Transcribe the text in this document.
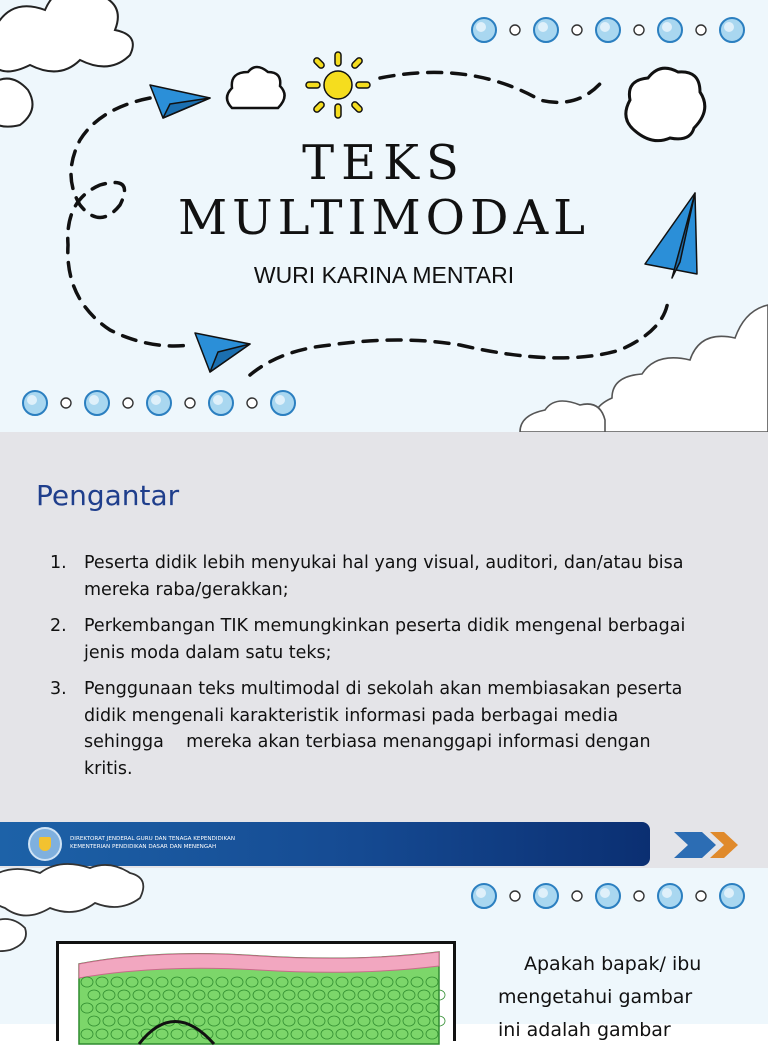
TEKS
MULTIMODAL
WURI KARINA MENTARI
Pengantar
1. Peserta didik lebih menyukai hal yang visual, auditori, dan/atau bisa mereka raba/gerakkan;
2. Perkembangan TIK memungkinkan peserta didik mengenal berbagai jenis moda dalam satu teks;
3. Penggunaan teks multimodal di sekolah akan membiasakan peserta didik mengenali karakteristik informasi pada berbagai media sehingga    mereka akan terbiasa menanggapi informasi dengan kritis.
DIREKTORAT JENDERAL GURU DAN TENAGA KEPENDIDIKAN
KEMENTERIAN PENDIDIKAN DASAR DAN MENENGAH
Apakah bapak/ ibu
mengetahui gambar
ini adalah gambar
